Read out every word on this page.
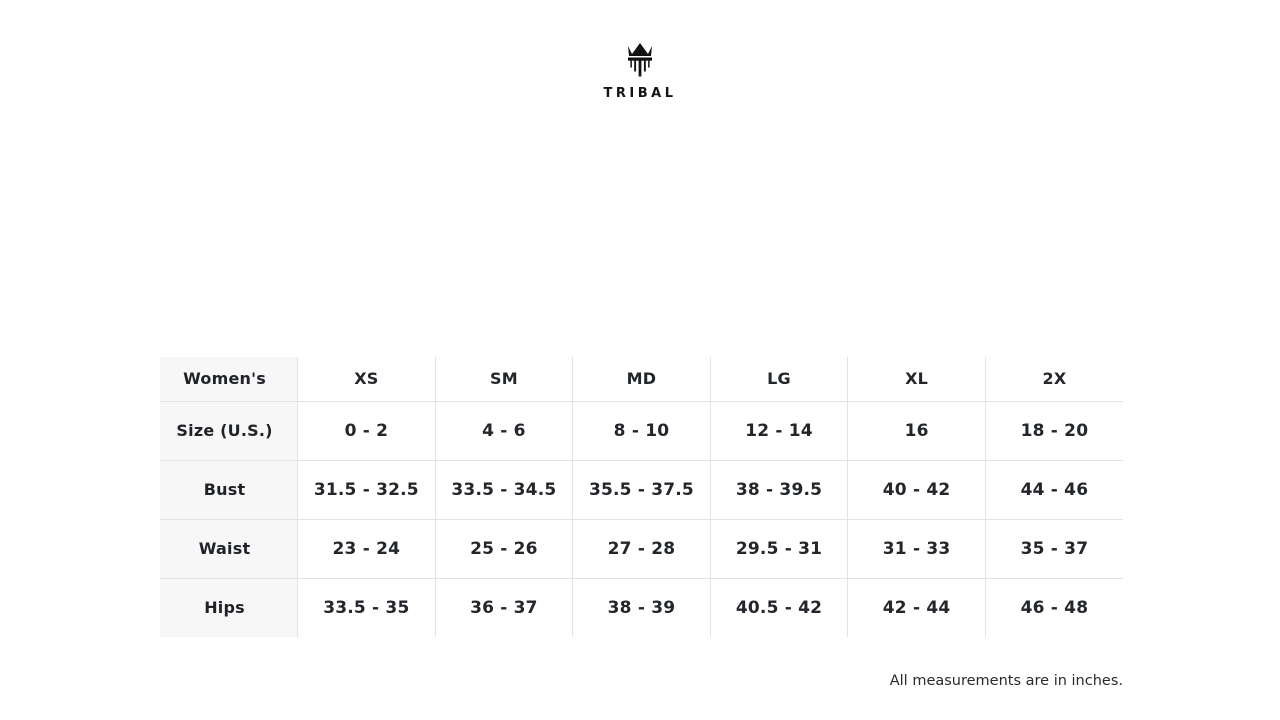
TRIBAL
Women's	XS	SM	MD	LG	XL	2X

Size (U.S.)	0 - 2	4 - 6	8 - 10	12 - 14	16	18 - 20

Bust	31.5 - 32.5	33.5 - 34.5	35.5 - 37.5	38 - 39.5	40 - 42	44 - 46

Waist	23 - 24	25 - 26	27 - 28	29.5 - 31	31 - 33	35 - 37

Hips	33.5 - 35	36 - 37	38 - 39	40.5 - 42	42 - 44	46 - 48
All measurements are in inches.
